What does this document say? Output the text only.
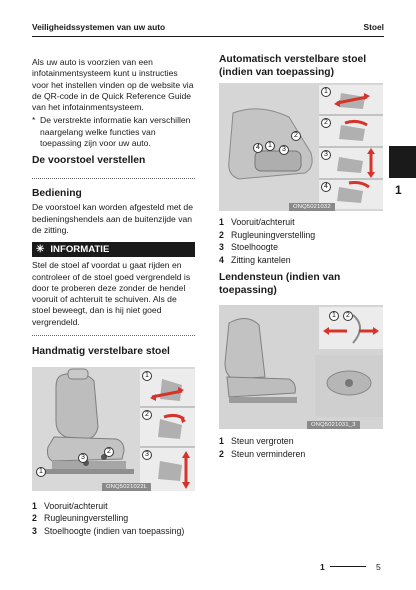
Veiligheidssystemen van uw auto	Stoel

Als uw auto is voorzien van een infotainmentsysteem kunt u instructies voor het instellen vinden op de website via de QR-code in de Quick Reference Guide van het infotainmentsysteem.

* De verstrekte informatie kan verschillen naargelang welke functies van toepassing zijn voor uw auto.
De voorstoel verstellen
Bediening

De voorstoel kan worden afgesteld met de bedieningshendels aan de buitenzijde van de zitting.

✳ INFORMATIE

Stel de stoel af voordat u gaat rijden en controleer of de stoel goed vergrendeld is door te proberen deze zonder de hendel vooruit of achteruit te schuiven. Als de stoel beweegt, dan is hij niet goed vergrendeld.

Handmatig verstelbare stoel
1
2
3
1
2
3
ONQ5021022L
1 Vooruit/achteruit
2 Rugleuningverstelling
3 Stoelhoogte (indien van toepassing)
Automatisch verstelbare stoel (indien van toepassing)
1
2
3
4
4	1
3
2
ONQ5021032
1 Vooruit/achteruit
2 Rugleuningverstelling
3 Stoelhoogte
4 Zitting kantelen
Lendensteun (indien van toepassing)
1	2
ONQ5021031_3
1 Steun vergroten
2 Steun verminderen
1
1	5
